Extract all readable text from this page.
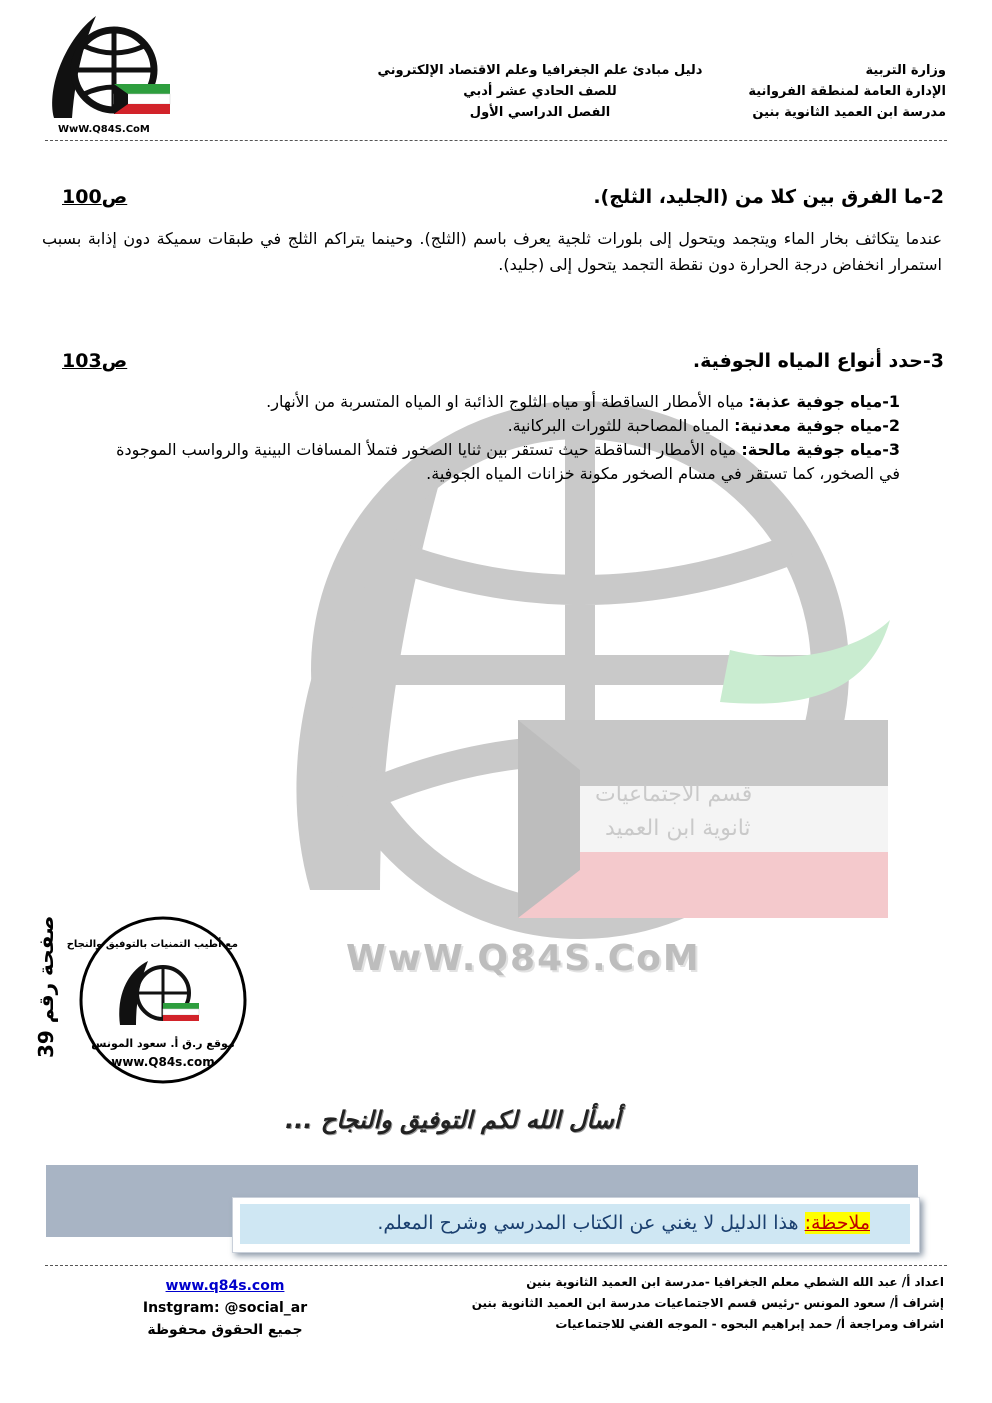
WwW.Q84S.CoM
وزارة التربية
الإدارة العامة لمنطقة الفروانية
مدرسة ابن العميد الثانوية بنين
دليل مبادئ علم الجغرافيا وعلم الاقتصاد الإلكتروني
للصف الحادي عشر أدبي
الفصل الدراسي الأول
قسم الاجتماعيات
ثانوية ابن العميد
WwW.Q84S.CoM
2-ما الفرق بين كلا من (الجليد، الثلج).
ص100
عندما يتكاثف بخار الماء ويتجمد ويتحول إلى بلورات ثلجية يعرف باسم (الثلج). وحينما يتراكم الثلج في طبقات سميكة دون إذابة بسبب استمرار انخفاض درجة الحرارة دون نقطة التجمد يتحول إلى (جليد).
3-حدد أنواع المياه الجوفية.
ص103
1-مياه جوفية عذبة: مياه الأمطار الساقطة أو مياه الثلوج الذائبة او المياه المتسربة من الأنهار.
2-مياه جوفية معدنية: المياه المصاحبة للثورات البركانية.
3-مياه جوفية مالحة: مياه الأمطار الساقطة حيث تستقر بين ثنايا الصخور فتملأ المسافات البينية والرواسب الموجودة في الصخور، كما تستقر في مسام الصخور مكونة خزانات المياه الجوفية.
مع أطيب التمنيات بالتوفيق والنجاح
موقع ر.ق أ. سعود المونس
www.Q84s.com
صفحة رقم 39
أسأل الله لكم التوفيق والنجاح ...
ملاحظة: هذا الدليل لا يغني عن الكتاب المدرسي وشرح المعلم.
اعداد أ/ عبد الله الشطي معلم الجغرافيا -مدرسة ابن العميد الثانوية بنين
إشراف أ/ سعود المونس -رئيس قسم الاجتماعيات مدرسة ابن العميد الثانوية بنين
اشراف ومراجعة أ/ حمد إبراهيم البحوه - الموجه الفني للاجتماعيات
www.q84s.com
Instgram: @social_ar
جميع الحقوق محفوظة
